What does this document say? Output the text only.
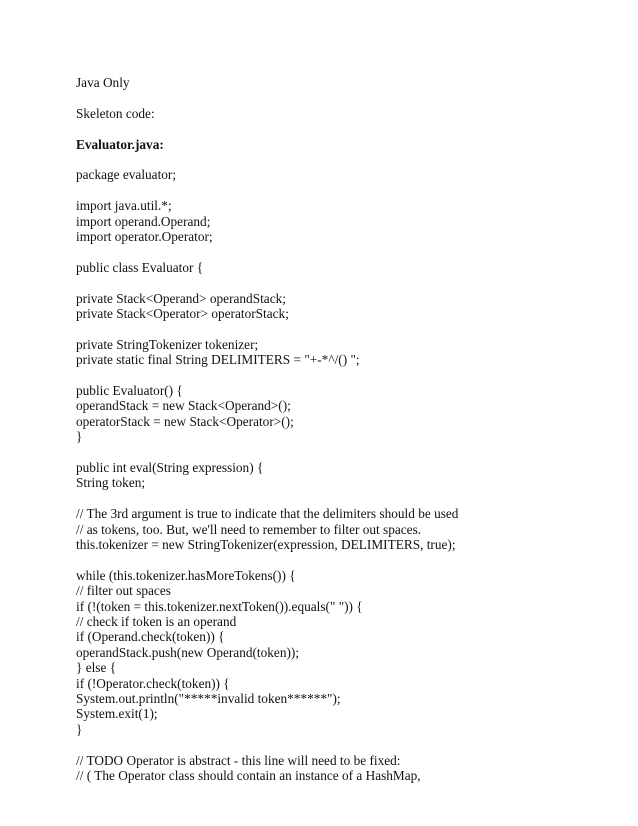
Java Only

Skeleton code:

Evaluator.java:

package evaluator;

import java.util.*;
import operand.Operand;
import operator.Operator;

public class Evaluator {

private Stack<Operand> operandStack;
private Stack<Operator> operatorStack;

private StringTokenizer tokenizer;
private static final String DELIMITERS = "+-*^/() ";

public Evaluator() {
operandStack = new Stack<Operand>();
operatorStack = new Stack<Operator>();
}

public int eval(String expression) {
String token;

// The 3rd argument is true to indicate that the delimiters should be used
// as tokens, too. But, we'll need to remember to filter out spaces.
this.tokenizer = new StringTokenizer(expression, DELIMITERS, true);

while (this.tokenizer.hasMoreTokens()) {
// filter out spaces
if (!(token = this.tokenizer.nextToken()).equals(" ")) {
// check if token is an operand
if (Operand.check(token)) {
operandStack.push(new Operand(token));
} else {
if (!Operator.check(token)) {
System.out.println("*****invalid token******");
System.exit(1);
}

// TODO Operator is abstract - this line will need to be fixed:
// ( The Operator class should contain an instance of a HashMap,
